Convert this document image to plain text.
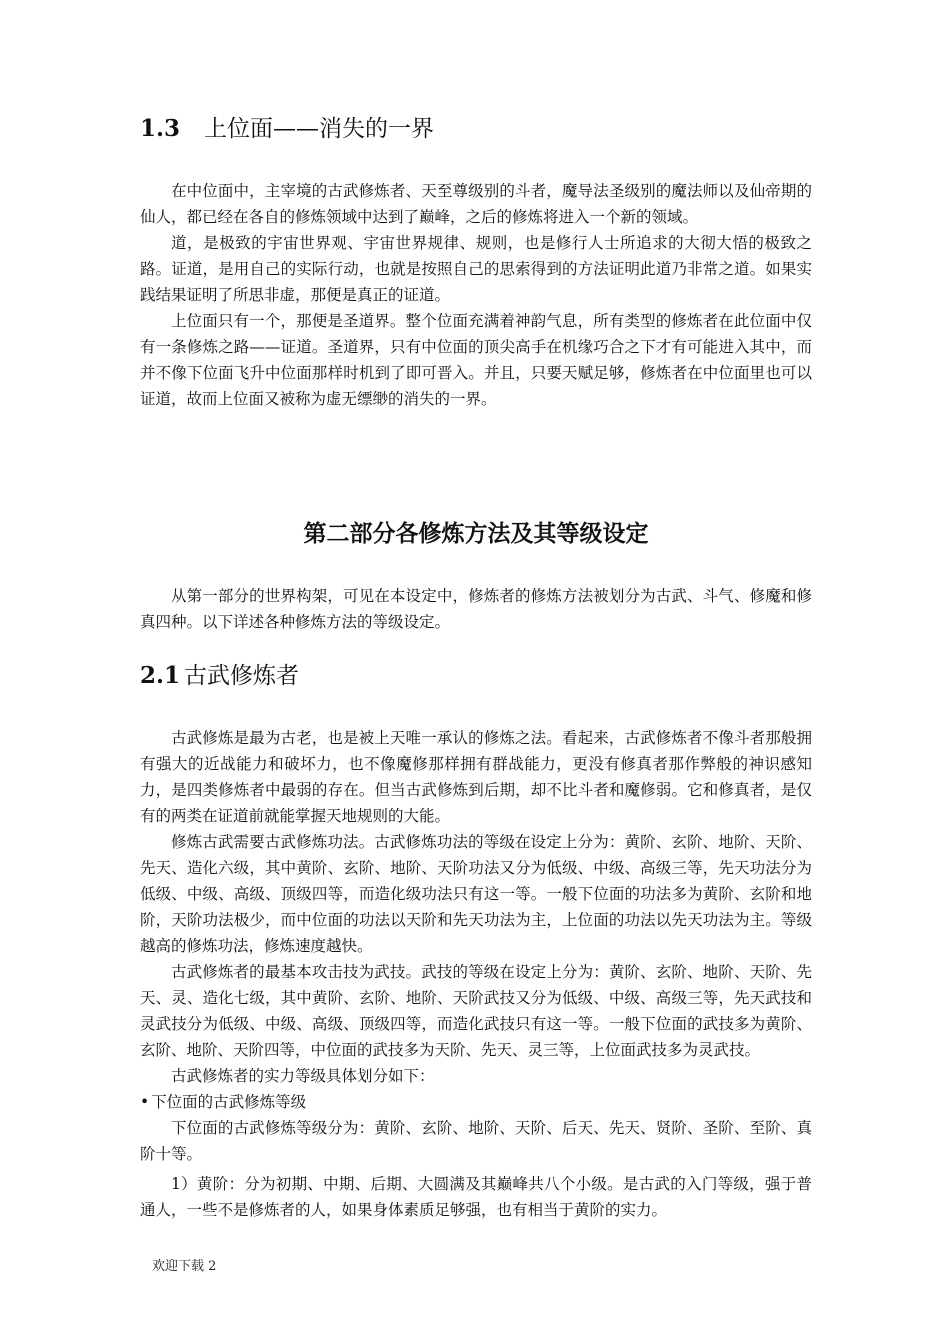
1.3 上位面——消失的一界

在中位面中，主宰境的古武修炼者、天至尊级别的斗者，魔导法圣级别的魔法师以及仙帝期的仙人，都已经在各自的修炼领域中达到了巅峰，之后的修炼将进入一个新的领域。

道，是极致的宇宙世界观、宇宙世界规律、规则，也是修行人士所追求的大彻大悟的极致之路。证道，是用自己的实际行动，也就是按照自己的思索得到的方法证明此道乃非常之道。如果实践结果证明了所思非虚，那便是真正的证道。

上位面只有一个，那便是圣道界。整个位面充满着神韵气息，所有类型的修炼者在此位面中仅有一条修炼之路——证道。圣道界，只有中位面的顶尖高手在机缘巧合之下才有可能进入其中，而并不像下位面飞升中位面那样时机到了即可晋入。并且，只要天赋足够，修炼者在中位面里也可以证道，故而上位面又被称为虚无缥缈的消失的一界。

第二部分各修炼方法及其等级设定

从第一部分的世界构架，可见在本设定中，修炼者的修炼方法被划分为古武、斗气、修魔和修真四种。以下详述各种修炼方法的等级设定。

2.1 古武修炼者

古武修炼是最为古老，也是被上天唯一承认的修炼之法。看起来，古武修炼者不像斗者那般拥有强大的近战能力和破坏力，也不像魔修那样拥有群战能力，更没有修真者那作弊般的神识感知力，是四类修炼者中最弱的存在。但当古武修炼到后期，却不比斗者和魔修弱。它和修真者，是仅有的两类在证道前就能掌握天地规则的大能。

修炼古武需要古武修炼功法。古武修炼功法的等级在设定上分为：黄阶、玄阶、地阶、天阶、先天、造化六级，其中黄阶、玄阶、地阶、天阶功法又分为低级、中级、高级三等，先天功法分为低级、中级、高级、顶级四等，而造化级功法只有这一等。一般下位面的功法多为黄阶、玄阶和地阶，天阶功法极少，而中位面的功法以天阶和先天功法为主，上位面的功法以先天功法为主。等级越高的修炼功法，修炼速度越快。

古武修炼者的最基本攻击技为武技。武技的等级在设定上分为：黄阶、玄阶、地阶、天阶、先天、灵、造化七级，其中黄阶、玄阶、地阶、天阶武技又分为低级、中级、高级三等，先天武技和灵武技分为低级、中级、高级、顶级四等，而造化武技只有这一等。一般下位面的武技多为黄阶、玄阶、地阶、天阶四等，中位面的武技多为天阶、先天、灵三等，上位面武技多为灵武技。

古武修炼者的实力等级具体划分如下：

• 下位面的古武修炼等级

下位面的古武修炼等级分为：黄阶、玄阶、地阶、天阶、后天、先天、贤阶、圣阶、至阶、真阶十等。

1）黄阶：分为初期、中期、后期、大圆满及其巅峰共八个小级。是古武的入门等级，强于普通人，一些不是修炼者的人，如果身体素质足够强，也有相当于黄阶的实力。

欢迎下载 2
